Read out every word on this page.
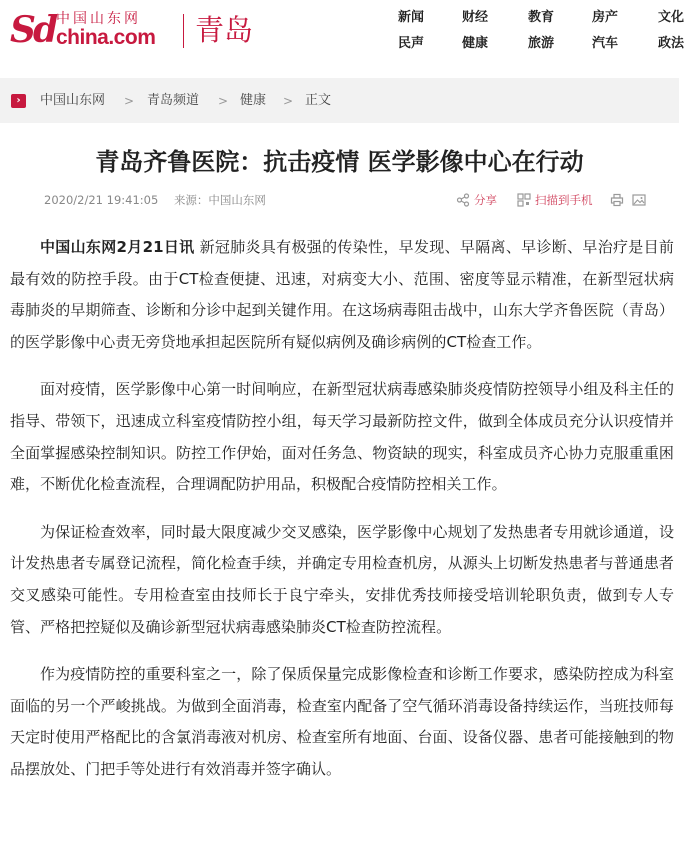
Sd 中国山东网
china.com 青岛	新闻	财经	教育	房产	文化
民声	健康	旅游	汽车	政法
›	中国山东网 > 青岛频道 > 健康 > 正文
青岛齐鲁医院：抗击疫情 医学影像中心在行动
2020/2/21 19:41:05 来源：中国山东网	分享	扫描到手机

中国山东网2月21日讯 新冠肺炎具有极强的传染性，早发现、早隔离、早诊断、早治疗是目前最有效的防控手段。由于CT检查便捷、迅速，对病变大小、范围、密度等显示精准，在新型冠状病毒肺炎的早期筛查、诊断和分诊中起到关键作用。在这场病毒阻击战中，山东大学齐鲁医院（青岛）的医学影像中心责无旁贷地承担起医院所有疑似病例及确诊病例的CT检查工作。

面对疫情，医学影像中心第一时间响应，在新型冠状病毒感染肺炎疫情防控领导小组及科主任的指导、带领下，迅速成立科室疫情防控小组，每天学习最新防控文件，做到全体成员充分认识疫情并全面掌握感染控制知识。防控工作伊始，面对任务急、物资缺的现实，科室成员齐心协力克服重重困难，不断优化检查流程，合理调配防护用品，积极配合疫情防控相关工作。

为保证检查效率，同时最大限度减少交叉感染，医学影像中心规划了发热患者专用就诊通道，设计发热患者专属登记流程，简化检查手续，并确定专用检查机房，从源头上切断发热患者与普通患者交叉感染可能性。专用检查室由技师长于良宁牵头，安排优秀技师接受培训轮职负责，做到专人专管、严格把控疑似及确诊新型冠状病毒感染肺炎CT检查防控流程。

作为疫情防控的重要科室之一，除了保质保量完成影像检查和诊断工作要求，感染防控成为科室面临的另一个严峻挑战。为做到全面消毒，检查室内配备了空气循环消毒设备持续运作，当班技师每天定时使用严格配比的含氯消毒液对机房、检查室所有地面、台面、设备仪器、患者可能接触到的物品摆放处、门把手等处进行有效消毒并签字确认。
